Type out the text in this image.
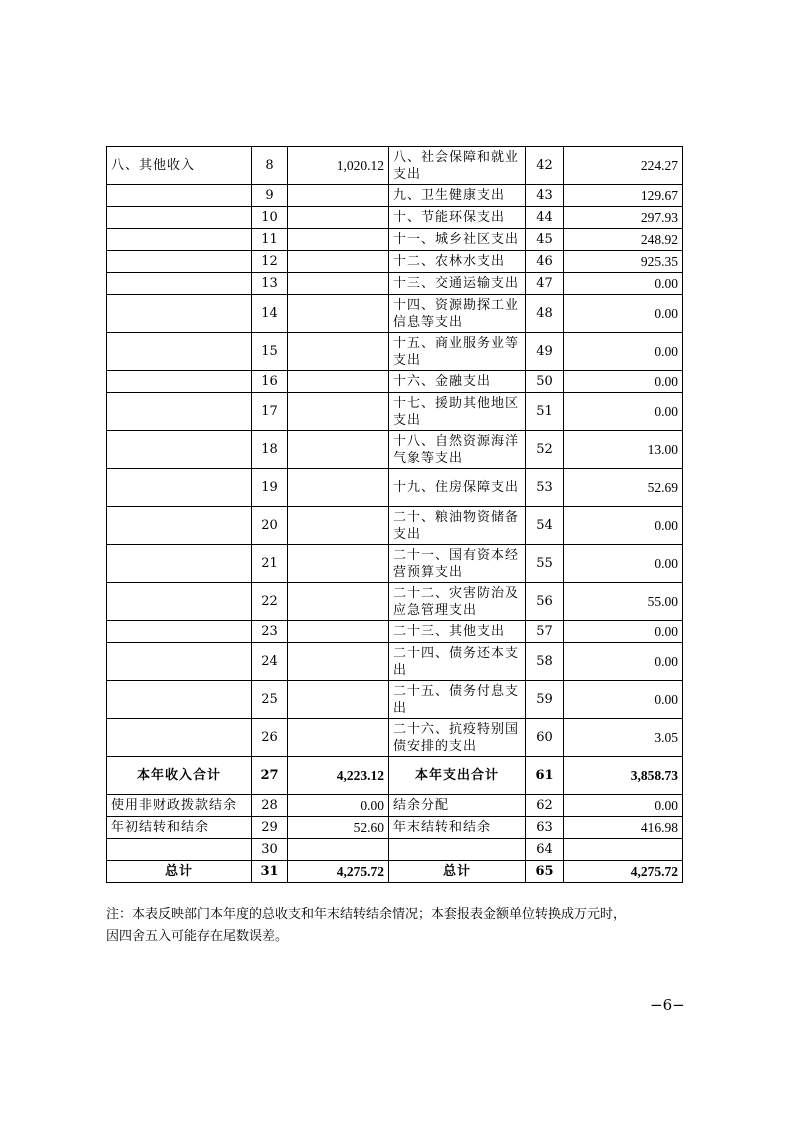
八、其他收入	8	1,020.12	八、社会保障和就业支出	42	224.27
	9		九、卫生健康支出	43	129.67
	10		十、节能环保支出	44	297.93
	11		十一、城乡社区支出	45	248.92
	12		十二、农林水支出	46	925.35
	13		十三、交通运输支出	47	0.00
	14		十四、资源勘探工业信息等支出	48	0.00
	15		十五、商业服务业等支出	49	0.00
	16		十六、金融支出	50	0.00
	17		十七、援助其他地区支出	51	0.00
	18		十八、自然资源海洋气象等支出	52	13.00
	19		十九、住房保障支出	53	52.69
	20		二十、粮油物资储备支出	54	0.00
	21		二十一、国有资本经营预算支出	55	0.00
	22		二十二、灾害防治及应急管理支出	56	55.00
	23		二十三、其他支出	57	0.00
	24		二十四、债务还本支出	58	0.00
	25		二十五、债务付息支出	59	0.00
	26		二十六、抗疫特别国债安排的支出	60	3.05
本年收入合计	27	4,223.12	本年支出合计	61	3,858.73
使用非财政拨款结余	28	0.00	结余分配	62	0.00
年初结转和结余	29	52.60	年末结转和结余	63	416.98
	30			64	
总计	31	4,275.72	总计	65	4,275.72
注：本表反映部门本年度的总收支和年末结转结余情况；本套报表金额单位转换成万元时，
因四舍五入可能存在尾数误差。
−6−
